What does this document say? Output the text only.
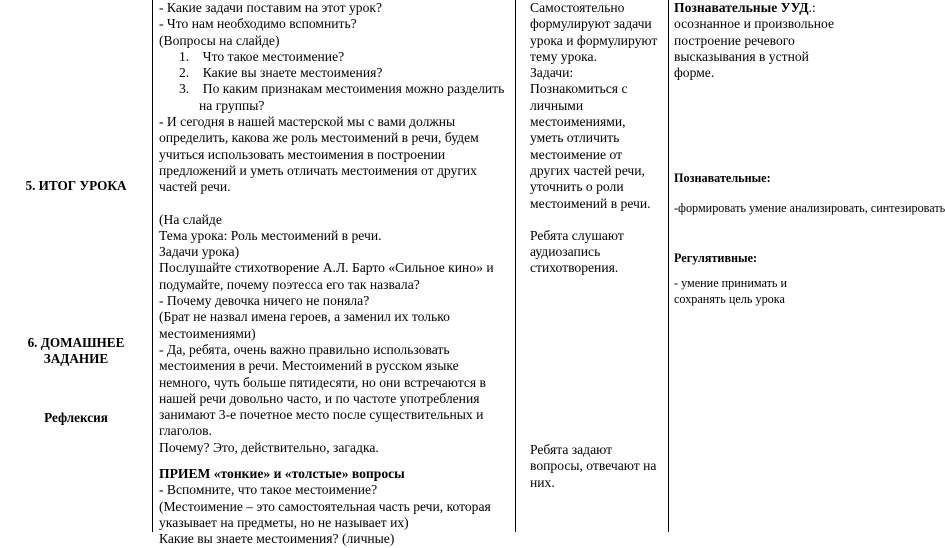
5. ИТОГ УРОКА
6. ДОМАШНЕЕ ЗАДАНИЕ
Рефлексия

- Какие задачи поставим на этот урок?

- Что нам необходимо вспомнить?

(Вопросы на слайде)

1. Что такое местоимение?
2. Какие вы знаете местоимения?
3. По каким признакам местоимения можно разделить на группы?

- И сегодня в нашей мастерской мы с вами должны определить, какова же роль местоимений в речи, будем учиться использовать местоимения в построении предложений и уметь отличать местоимения от других частей речи.

(На слайде

Тема урока: Роль местоимений в речи.

Задачи урока)

Послушайте стихотворение А.Л. Барто «Сильное кино» и подумайте, почему поэтесса его так назвала?

- Почему девочка ничего не поняла?

(Брат не назвал имена героев, а заменил их только местоимениями)

- Да, ребята, очень важно правильно использовать местоимения в речи. Местоимений в русском языке немного, чуть больше пятидесяти, но они встречаются в нашей речи довольно часто, и по частоте употребления занимают 3-е почетное место после существительных и глаголов.

Почему? Это, действительно, загадка.

ПРИЕМ «тонкие» и «толстые» вопросы

- Вспомните, что такое местоимение?

(Местоимение – это самостоятельная часть речи, которая указывает на предметы, но не называет их)

Какие вы знаете местоимения? (личные)

Самостоятельно формулируют задачи урока и формулируют тему урока.

Задачи:

Познакомиться с личными местоимениями, уметь отличить местоимение от других частей речи, уточнить о роли местоимений в речи.

Ребята слушают аудиозапись стихотворения.

Ребята задают вопросы, отвечают на них.

Познавательные УУД.:

осознанное и произвольное

построение речевого

высказывания в устной

форме.

Познавательные:

-формировать умение анализировать, синтезировать

Регулятивные:

- умение принимать и сохранять цель урока
